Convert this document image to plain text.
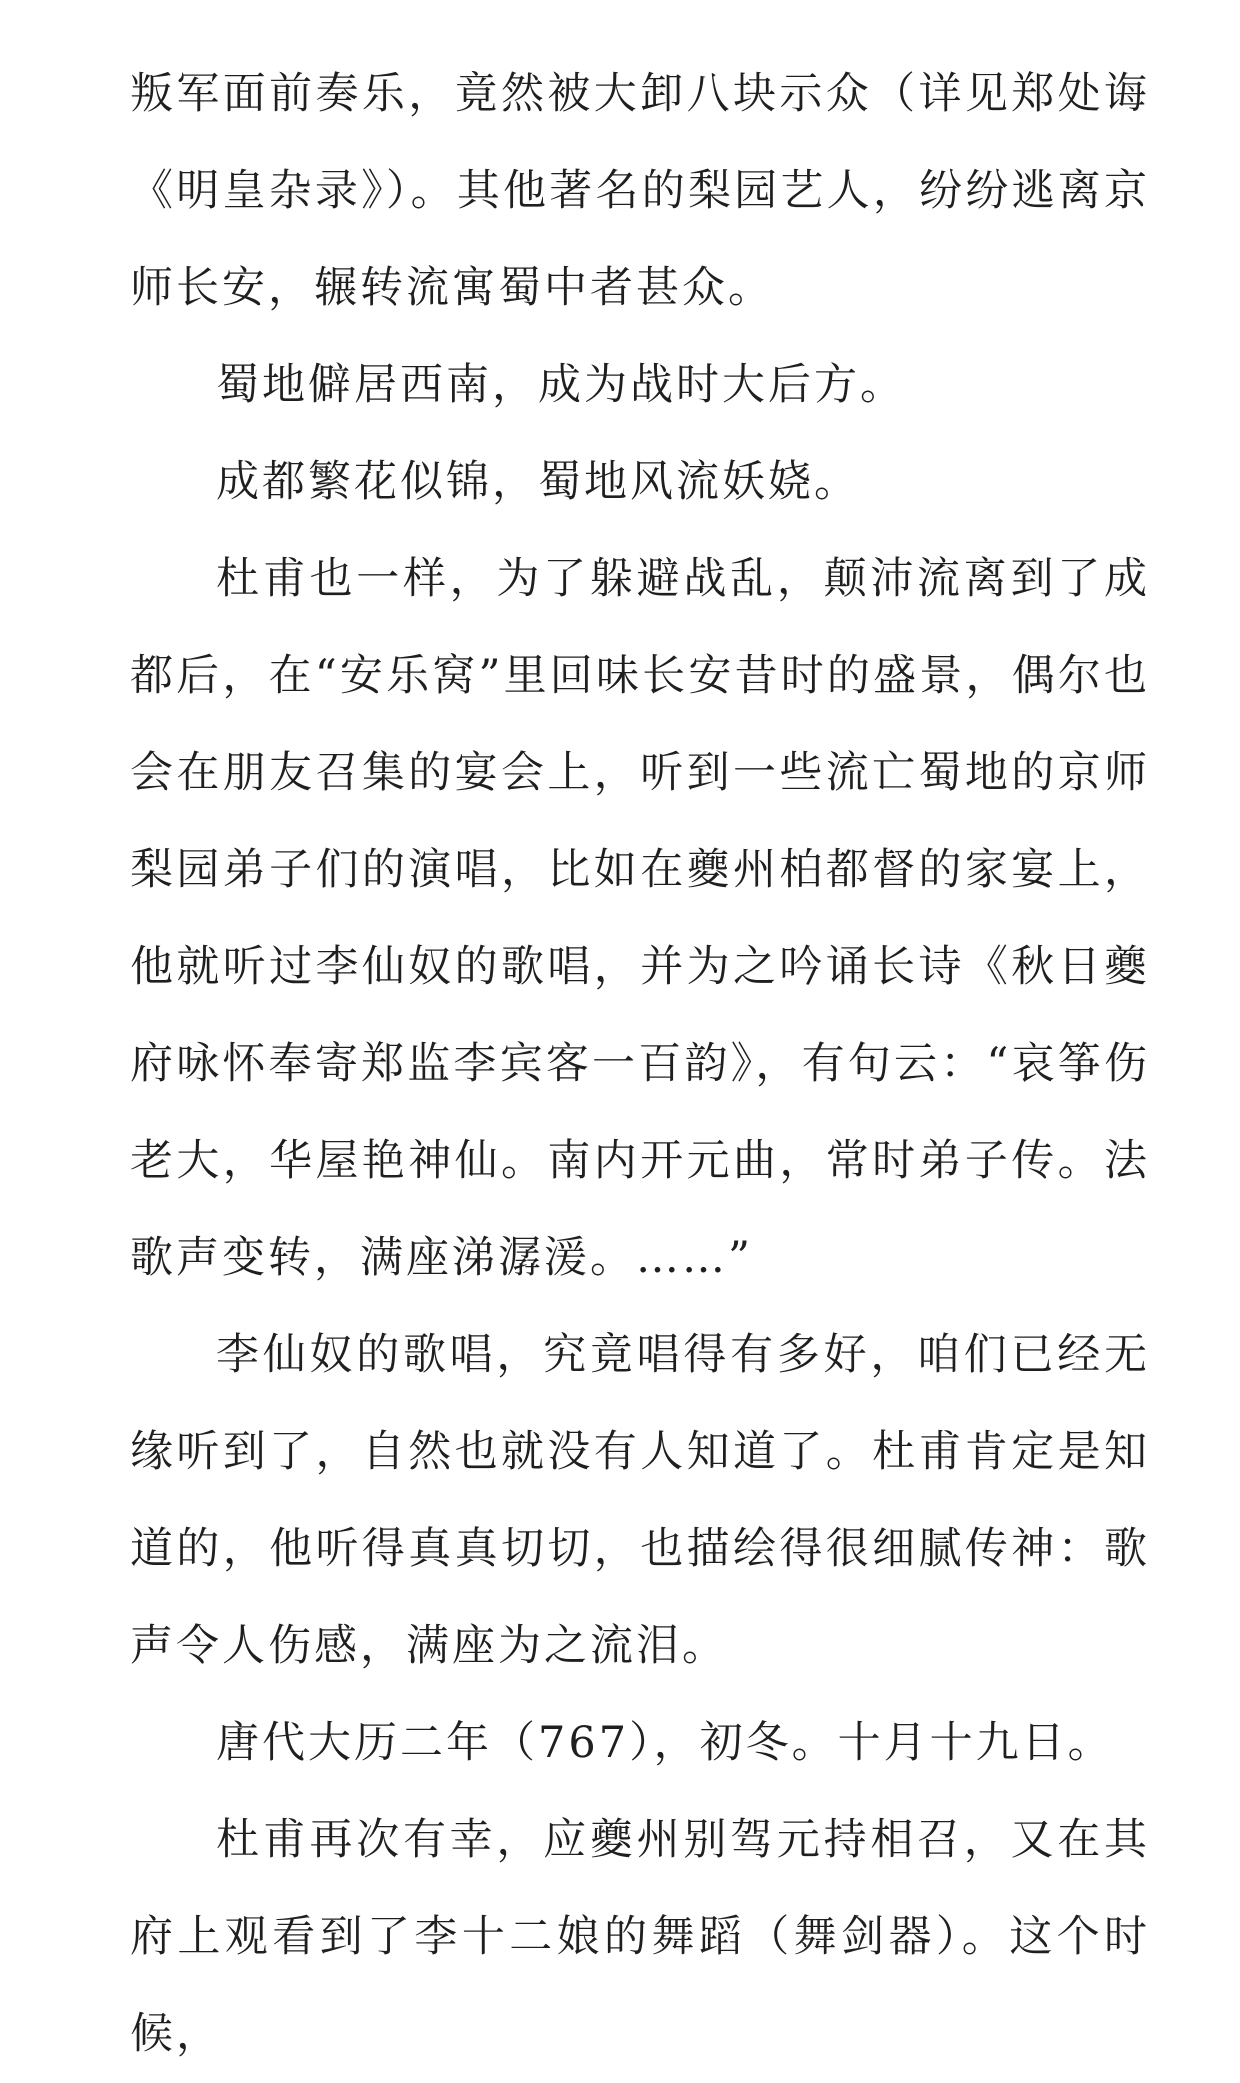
叛军面前奏乐，竟然被大卸八块示众（详见郑处诲《明皇杂录》）。其他著名的梨园艺人，纷纷逃离京师长安，辗转流寓蜀中者甚众。

蜀地僻居西南，成为战时大后方。

成都繁花似锦，蜀地风流妖娆。

杜甫也一样，为了躲避战乱，颠沛流离到了成都后，在“安乐窝”里回味长安昔时的盛景，偶尔也会在朋友召集的宴会上，听到一些流亡蜀地的京师梨园弟子们的演唱，比如在夔州柏都督的家宴上，他就听过李仙奴的歌唱，并为之吟诵长诗《秋日夔府咏怀奉寄郑监李宾客一百韵》，有句云：“哀筝伤老大，华屋艳神仙。南内开元曲，常时弟子传。法歌声变转，满座涕潺湲。……”

李仙奴的歌唱，究竟唱得有多好，咱们已经无缘听到了，自然也就没有人知道了。杜甫肯定是知道的，他听得真真切切，也描绘得很细腻传神：歌声令人伤感，满座为之流泪。

唐代大历二年（767），初冬。十月十九日。

杜甫再次有幸，应夔州别驾元持相召，又在其府上观看到了李十二娘的舞蹈（舞剑器）。这个时候，
